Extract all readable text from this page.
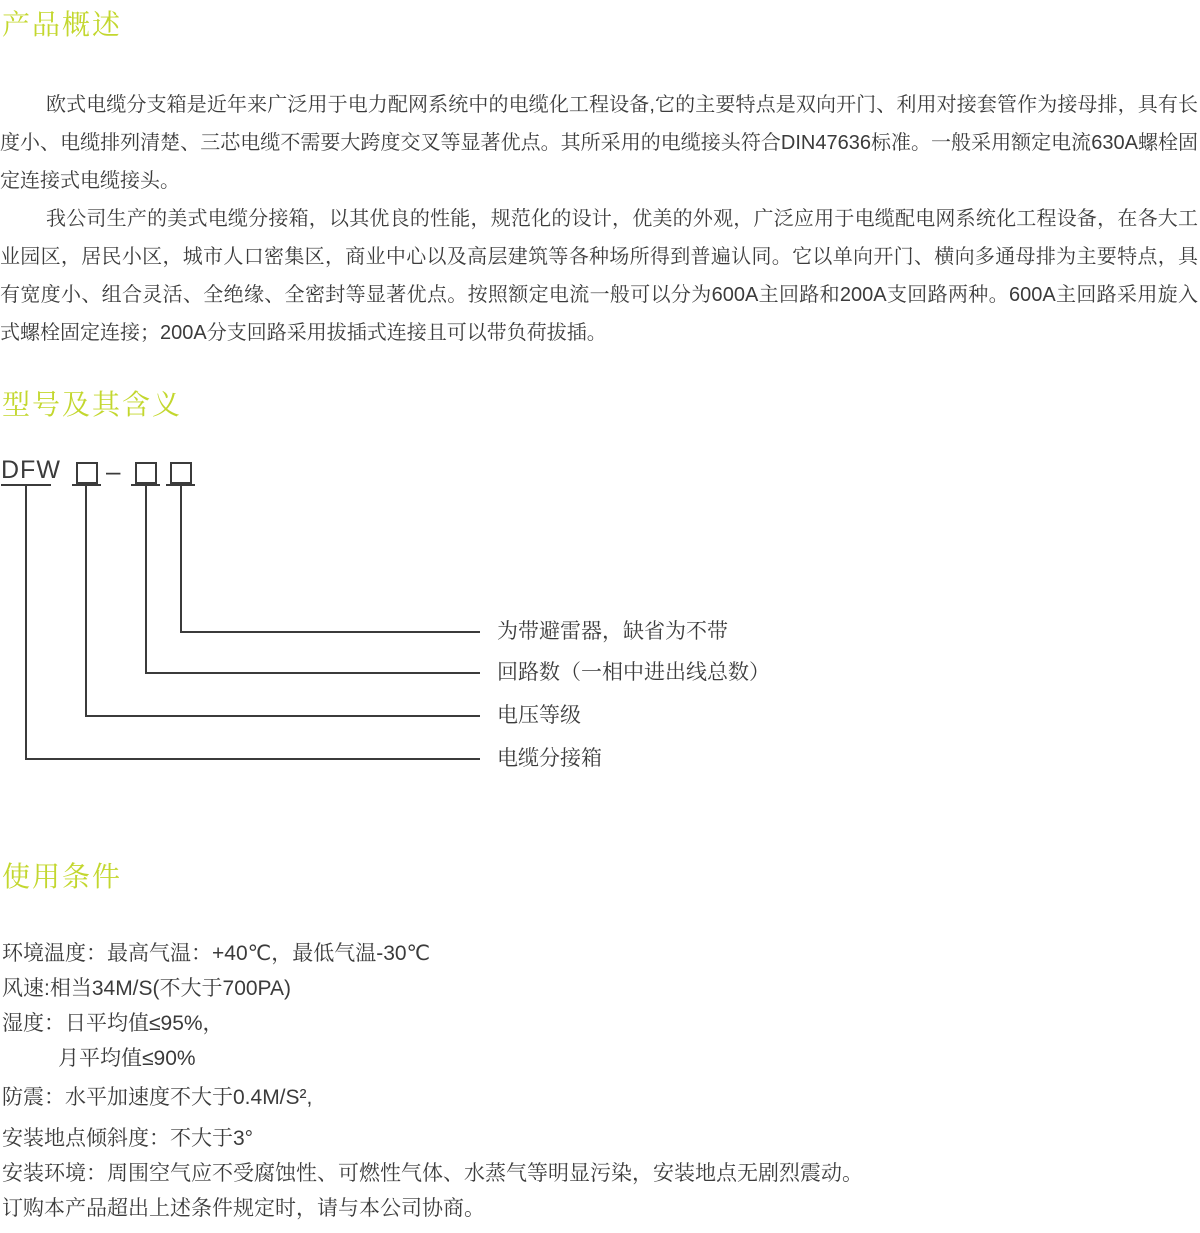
产品概述

欧式电缆分支箱是近年来广泛用于电力配网系统中的电缆化工程设备,它的主要特点是双向开门、利用对接套管作为接母排，具有长度小、电缆排列清楚、三芯电缆不需要大跨度交叉等显著优点。其所采用的电缆接头符合DIN47636标准。一般采用额定电流630A螺栓固定连接式电缆接头。

我公司生产的美式电缆分接箱，以其优良的性能，规范化的设计，优美的外观，广泛应用于电缆配电网系统化工程设备，在各大工业园区，居民小区，城市人口密集区，商业中心以及高层建筑等各种场所得到普遍认同。它以单向开门、横向多通母排为主要特点，具有宽度小、组合灵活、全绝缘、全密封等显著优点。按照额定电流一般可以分为600A主回路和200A支回路两种。600A主回路采用旋入式螺栓固定连接；200A分支回路采用拔插式连接且可以带负荷拔插。

型号及其含义
DFW –
为带避雷器，缺省为不带
回路数（一相中进出线总数）
电压等级
电缆分接箱
使用条件

环境温度：最高气温：+40℃，最低气温-30℃

风速:相当34M/S(不大于700PA)

湿度：日平均值≤95%，

月平均值≤90%

防震：水平加速度不大于0.4M/S²,

安装地点倾斜度：不大于3°

安装环境：周围空气应不受腐蚀性、可燃性气体、水蒸气等明显污染，安装地点无剧烈震动。

订购本产品超出上述条件规定时，请与本公司协商。
